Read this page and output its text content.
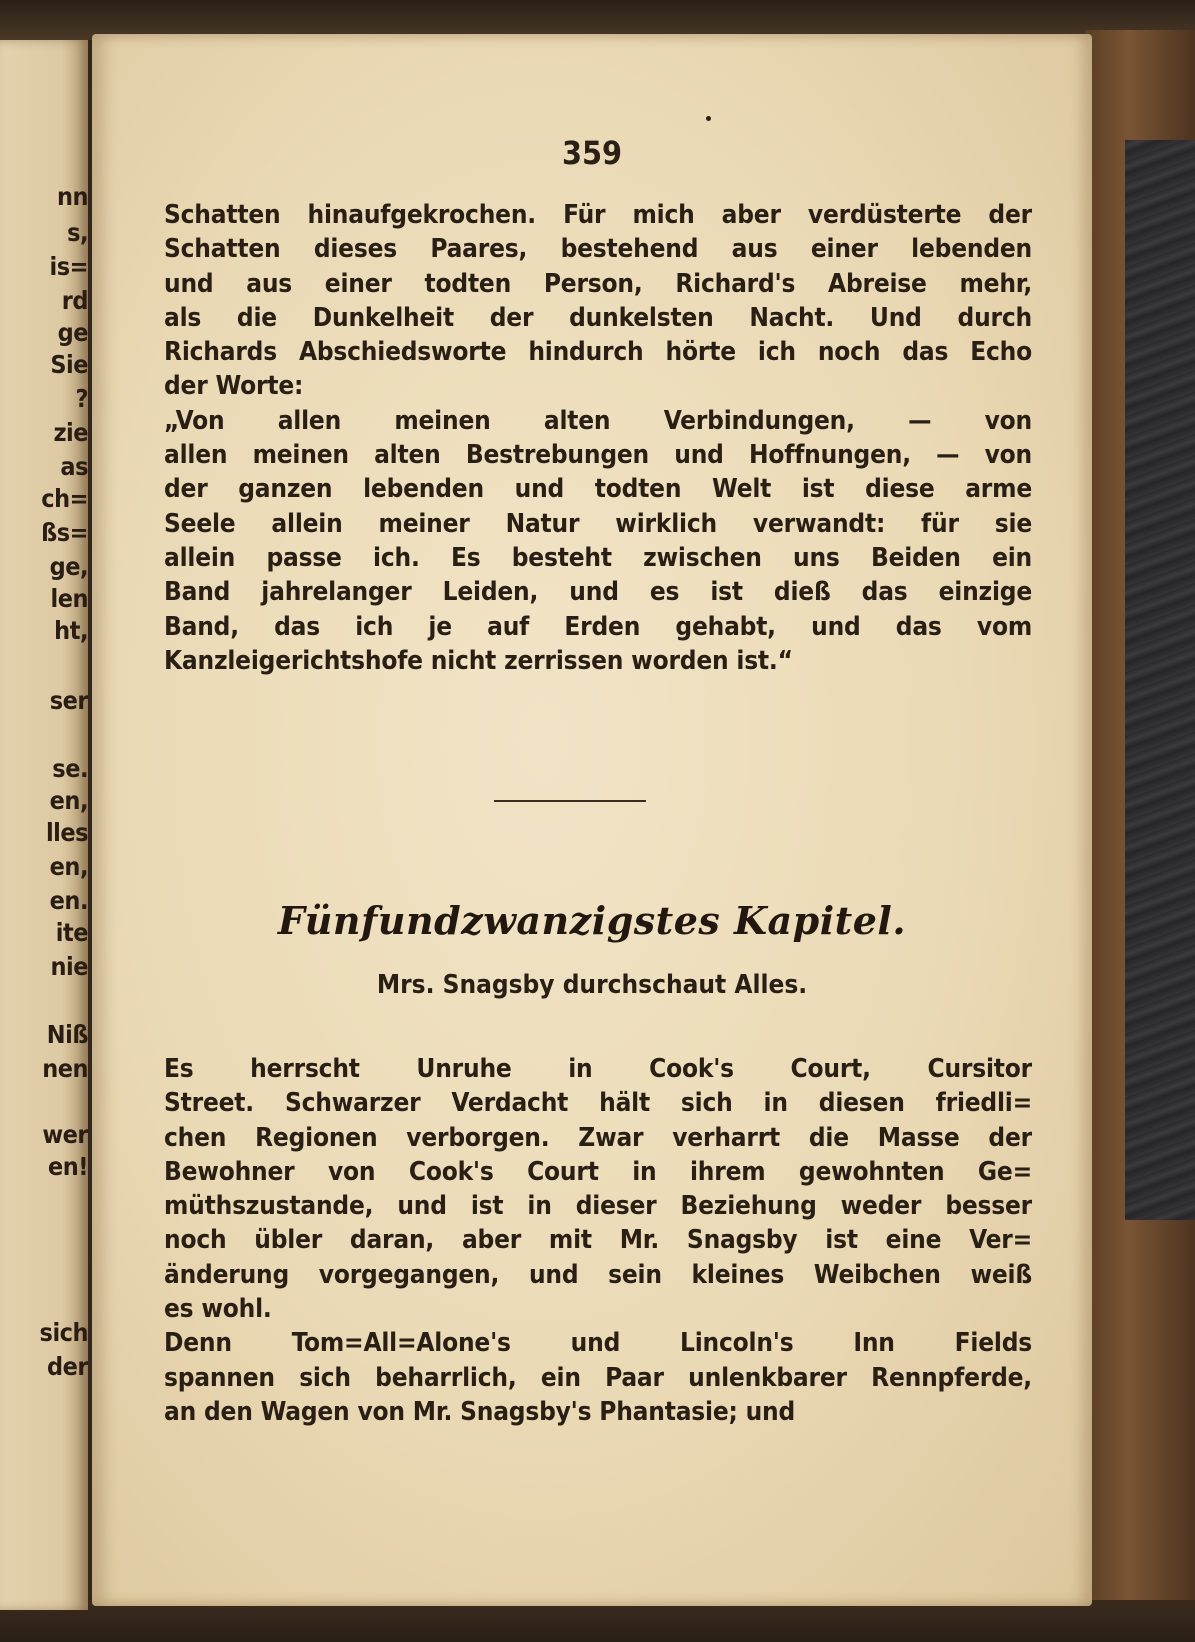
nn
s,
is=
rd
ge
Sie
?
zie
as
ch=
ßs=
ge,
len
ht,
ser
se.
en,
lles
en,
en.
ite
nie
Niß
nen
wer
en!
sich
der
359
Schatten hinaufgekrochen. Für mich aber verdüsterte der
Schatten dieses Paares, bestehend aus einer lebenden
und aus einer todten Person, Richard's Abreise mehr,
als die Dunkelheit der dunkelsten Nacht. Und durch
Richards Abschiedsworte hindurch hörte ich noch das Echo
der Worte:
„Von allen meinen alten Verbindungen, — von
allen meinen alten Bestrebungen und Hoffnungen, — von
der ganzen lebenden und todten Welt ist diese arme
Seele allein meiner Natur wirklich verwandt: für sie
allein passe ich. Es besteht zwischen uns Beiden ein
Band jahrelanger Leiden, und es ist dieß das einzige
Band, das ich je auf Erden gehabt, und das vom
Kanzleigerichtshofe nicht zerrissen worden ist.“
Fünfundzwanzigstes Kapitel.
Mrs. Snagsby durchschaut Alles.
Es herrscht Unruhe in Cook's Court, Cursitor
Street. Schwarzer Verdacht hält sich in diesen friedli=
chen Regionen verborgen. Zwar verharrt die Masse der
Bewohner von Cook's Court in ihrem gewohnten Ge=
müthszustande, und ist in dieser Beziehung weder besser
noch übler daran, aber mit Mr. Snagsby ist eine Ver=
änderung vorgegangen, und sein kleines Weibchen weiß
es wohl.
Denn Tom=All=Alone's und Lincoln's Inn Fields
spannen sich beharrlich, ein Paar unlenkbarer Rennpferde,
an den Wagen von Mr. Snagsby's Phantasie; und
